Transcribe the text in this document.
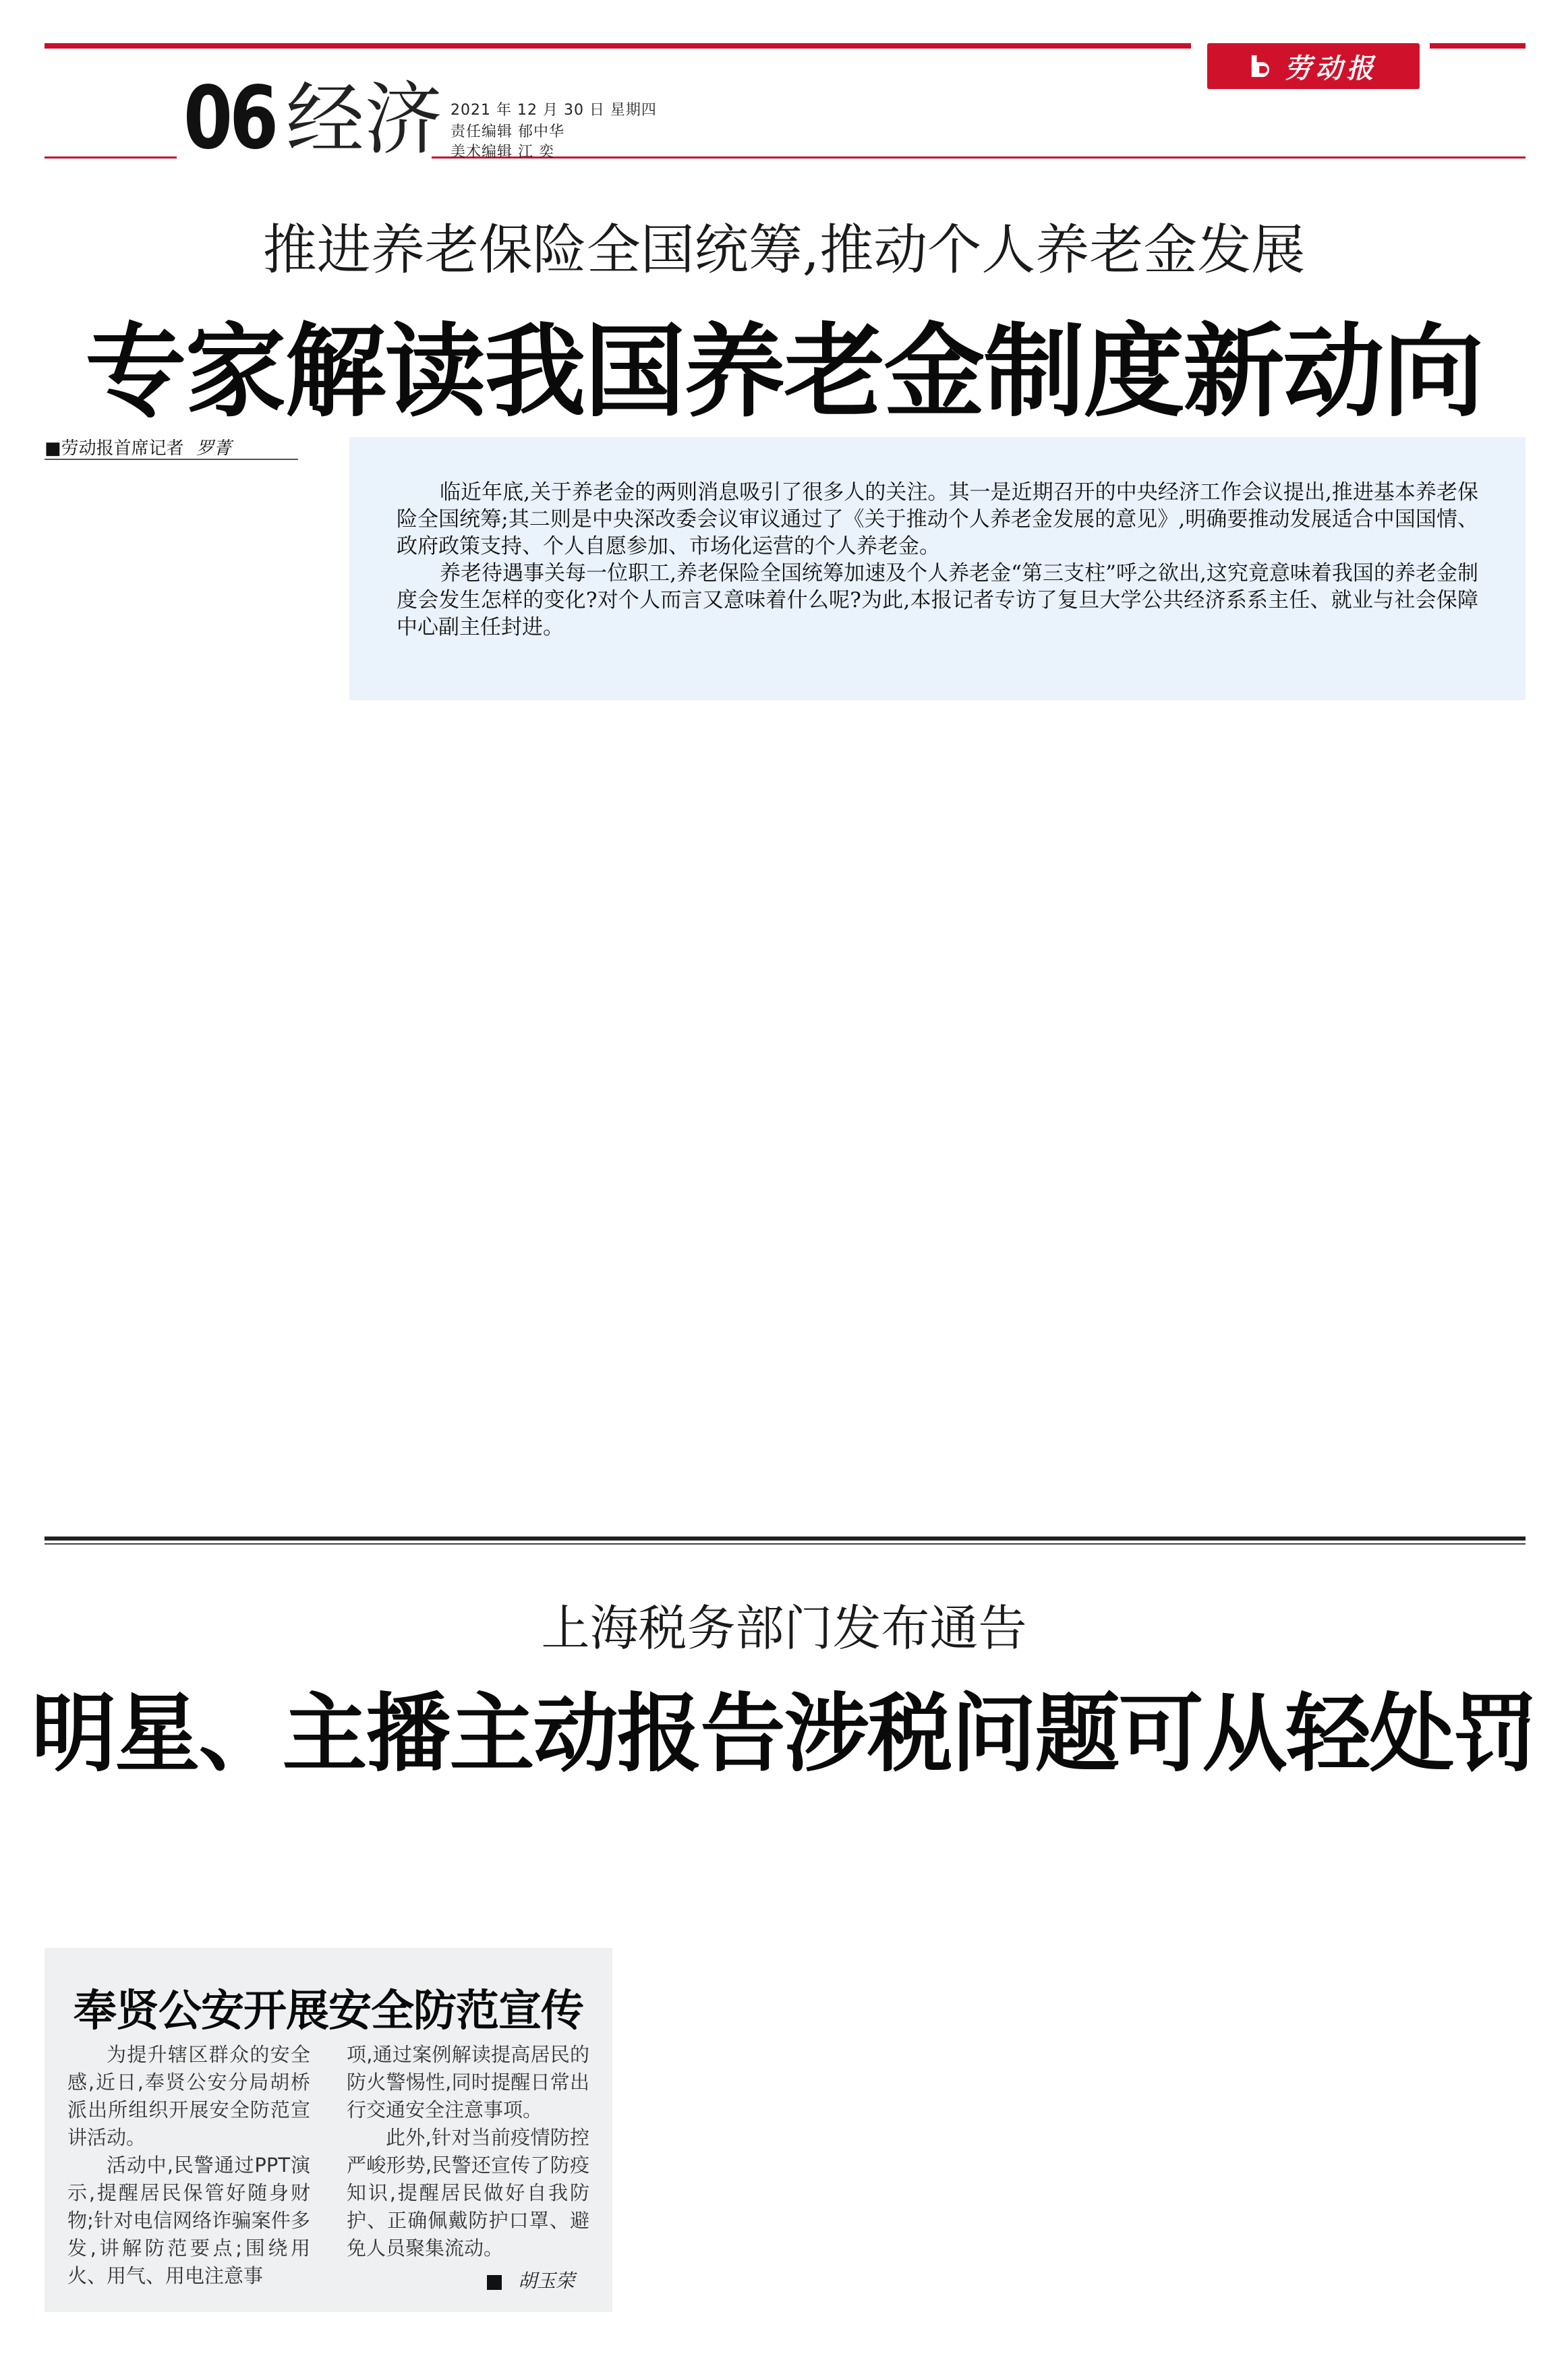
劳动报
06 经济 2021 年 12 月 30 日 星期四
责任编辑 郁中华
美术编辑 江 奕
推进养老保险全国统筹,推动个人养老金发展
专家解读我国养老金制度新动向
■劳动报首席记者 罗菁

临近年底,关于养老金的两则消息吸引了很多人的关注。其一是近期召开的中央经济工作会议提出,推进基本养老保险全国统筹;其二则是中央深改委会议审议通过了《关于推动个人养老金发展的意见》,明确要推动发展适合中国国情、政府政策支持、个人自愿参加、市场化运营的个人养老金。

养老待遇事关每一位职工,养老保险全国统筹加速及个人养老金“第三支柱”呼之欲出,这究竟意味着我国的养老金制度会发生怎样的变化?对个人而言又意味着什么呢?为此,本报记者专访了复旦大学公共经济系系主任、就业与社会保障中心副主任封进。

上海税务部门发布通告
明星、主播主动报告涉税问题可从轻处罚
奉贤公安开展安全防范宣传

为提升辖区群众的安全感,近日,奉贤公安分局胡桥派出所组织开展安全防范宣讲活动。

活动中,民警通过PPT演示,提醒居民保管好随身财物;针对电信网络诈骗案件多发,讲解防范要点;围绕用火、用气、用电注意事

项,通过案例解读提高居民的防火警惕性,同时提醒日常出行交通安全注意事项。

此外,针对当前疫情防控严峻形势,民警还宣传了防疫知识,提醒居民做好自我防护、正确佩戴防护口罩、避免人员聚集流动。

胡玉荣
